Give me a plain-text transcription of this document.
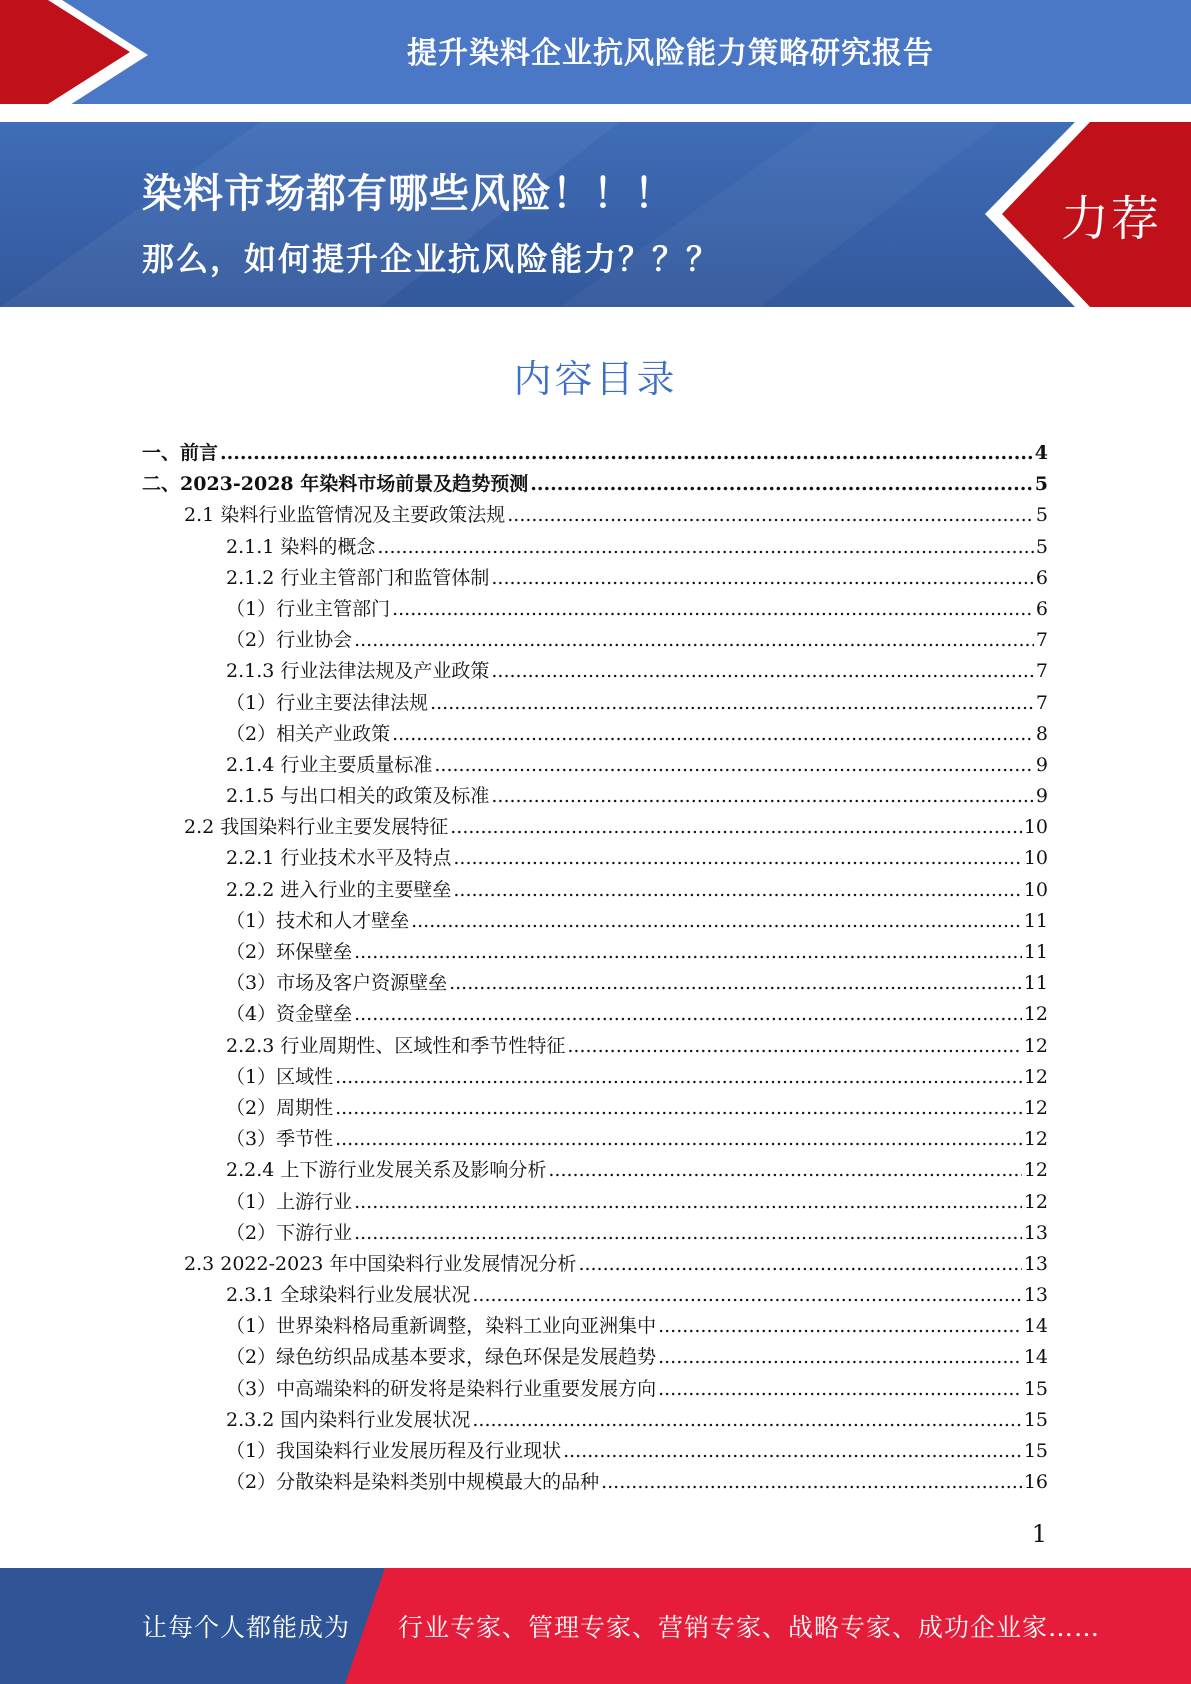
提升染料企业抗风险能力策略研究报告
染料市场都有哪些风险！！！
那么，如何提升企业抗风险能力？？？
力荐
内容目录
一、前言 .....	4
二、2023-2028 年染料市场前景及趋势预测 .....	5
2.1 染料行业监管情况及主要政策法规 .....	5
2.1.1 染料的概念 .....	5
2.1.2 行业主管部门和监管体制 .....	6
（1）行业主管部门 .....	6
（2）行业协会 .....	7
2.1.3 行业法律法规及产业政策 .....	7
（1）行业主要法律法规 .....	7
（2）相关产业政策 .....	8
2.1.4 行业主要质量标准 .....	9
2.1.5 与出口相关的政策及标准 .....	9
2.2 我国染料行业主要发展特征 .....	10
2.2.1 行业技术水平及特点 .....	10
2.2.2 进入行业的主要壁垒 .....	10
（1）技术和人才壁垒 .....	11
（2）环保壁垒 .....	11
（3）市场及客户资源壁垒 .....	11
（4）资金壁垒 .....	12
2.2.3 行业周期性、区域性和季节性特征 .....	12
（1）区域性 .....	12
（2）周期性 .....	12
（3）季节性 .....	12
2.2.4 上下游行业发展关系及影响分析 .....	12
（1）上游行业 .....	12
（2）下游行业 .....	13
2.3 2022-2023 年中国染料行业发展情况分析 .....	13
2.3.1 全球染料行业发展状况 .....	13
（1）世界染料格局重新调整，染料工业向亚洲集中 .....	14
（2）绿色纺织品成基本要求，绿色环保是发展趋势 .....	14
（3）中高端染料的研发将是染料行业重要发展方向 .....	15
2.3.2 国内染料行业发展状况 .....	15
（1）我国染料行业发展历程及行业现状 .....	15
（2）分散染料是染料类别中规模最大的品种 .....	16
1
让每个人都能成为 行业专家、管理专家、营销专家、战略专家、成功企业家……
